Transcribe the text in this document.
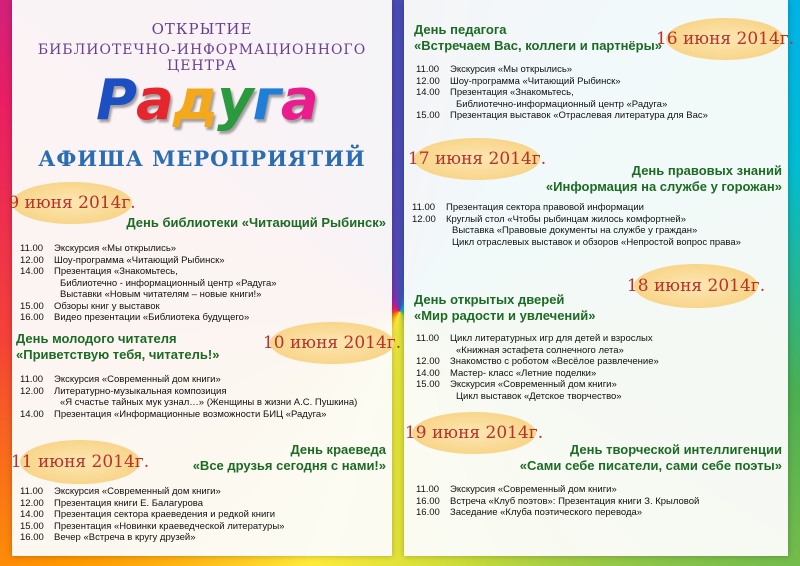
ОТКРЫТИЕ
БИБЛИОТЕЧНО-ИНФОРМАЦИОННОГО ЦЕНТРА
Радуга
АФИША МЕРОПРИЯТИЙ
9 июня 2014г.
День библиотеки «Читающий Рыбинск»
11.00	Экскурсия «Мы открылись»
12.00	Шоу-программа «Читающий Рыбинск»
14.00	Презентация «Знакомьтесь,
Библиотечно - информационный центр «Радуга»
Выставки «Новым читателям – новые книги!»
15.00	Обзоры книг у выставок
16.00	Видео презентации «Библиотека будущего»
День молодого читателя
«Приветствую тебя, читатель!»
10 июня 2014г.
11.00	Экскурсия «Современный дом книги»
12.00	Литературно-музыкальная композиция
«Я счастье тайных мук узнал…» (Женщины в жизни А.С. Пушкина)
14.00	Презентация «Информационные возможности БИЦ «Радуга»
11 июня 2014г.
День краеведа
«Все друзья сегодня с нами!»
11.00	Экскурсия «Современный дом книги»
12.00	Презентация книги Е. Балагурова
14.00	Презентация сектора краеведения и редкой книги
15.00	Презентация «Новинки краеведческой литературы»
16.00	Вечер «Встреча в кругу друзей»
День педагога
«Встречаем Вас, коллеги и партнёры»
16 июня 2014г.
11.00	Экскурсия «Мы открылись»
12.00	Шоу-программа «Читающий Рыбинск»
14.00	Презентация «Знакомьтесь,
Библиотечно-информационный центр «Радуга»
15.00	Презентация выставок «Отраслевая литература для Вас»
17 июня 2014г.
День правовых знаний
«Информация на службе у горожан»
11.00	Презентация сектора правовой информации
12.00	Круглый стол «Чтобы рыбинцам жилось комфортней»
Выставка «Правовые документы на службе у граждан»
Цикл отраслевых выставок и обзоров «Непростой вопрос права»
18 июня 2014г.
День открытых дверей
«Мир радости и увлечений»
11.00	Цикл литературных игр для детей и взрослых
«Книжная эстафета солнечного лета»
12.00	Знакомство с роботом «Весёлое развлечение»
14.00	Мастер- класс «Летние поделки»
15.00	Экскурсия «Современный дом книги»
Цикл выставок «Детское творчество»
19 июня 2014г.
День творческой интеллигенции
«Сами себе писатели, сами себе поэты»
11.00	Экскурсия «Современный дом книги»
16.00	Встреча «Клуб поэтов»: Презентация книги З. Крыловой
16.00	Заседание «Клуба поэтического перевода»
